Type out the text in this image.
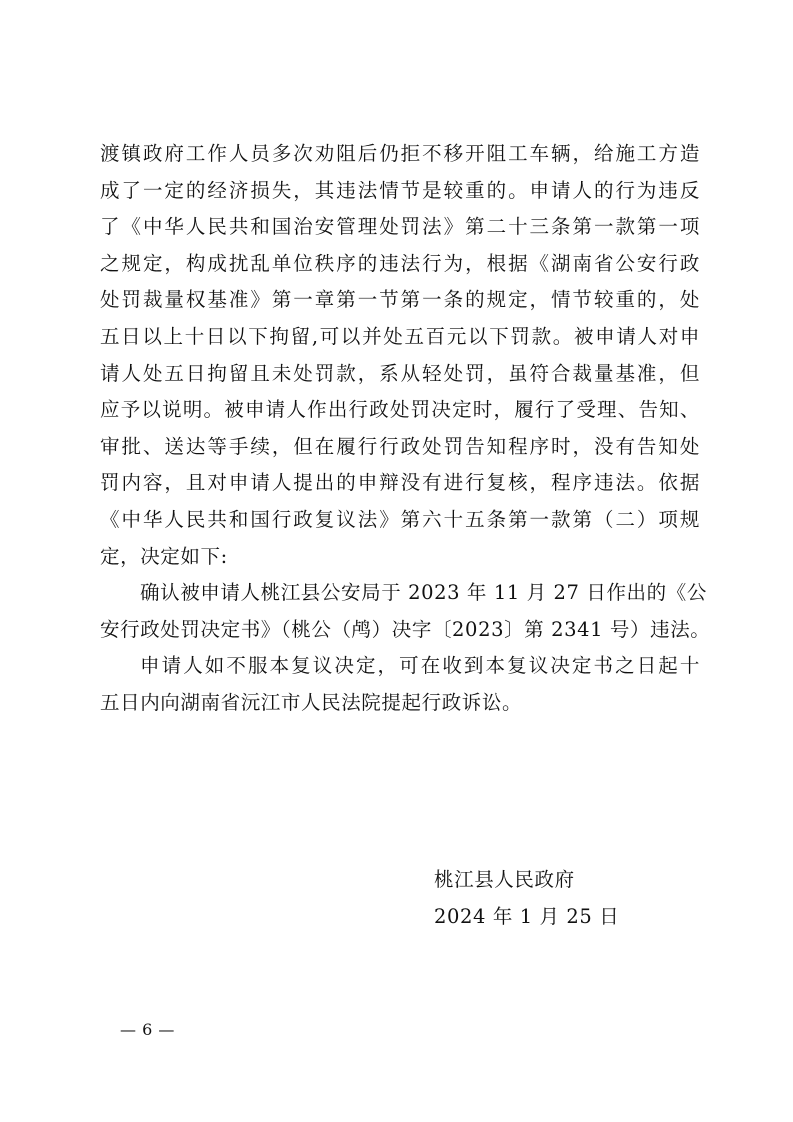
渡镇政府工作人员多次劝阻后仍拒不移开阻工车辆，给施工方造
成了一定的经济损失，其违法情节是较重的。申请人的行为违反
了《中华人民共和国治安管理处罚法》第二十三条第一款第一项
之规定，构成扰乱单位秩序的违法行为，根据《湖南省公安行政
处罚裁量权基准》第一章第一节第一条的规定，情节较重的，处
五日以上十日以下拘留,可以并处五百元以下罚款。被申请人对申
请人处五日拘留且未处罚款，系从轻处罚，虽符合裁量基准，但
应予以说明。被申请人作出行政处罚决定时，履行了受理、告知、
审批、送达等手续，但在履行行政处罚告知程序时，没有告知处
罚内容，且对申请人提出的申辩没有进行复核，程序违法。依据
《中华人民共和国行政复议法》第六十五条第一款第（二）项规
定，决定如下:
确认被申请人桃江县公安局于 2023 年 11 月 27 日作出的《公
安行政处罚决定书》（桃公（鸬）决字〔2023〕第 2341 号）违法。
申请人如不服本复议决定，可在收到本复议决定书之日起十
五日内向湖南省沅江市人民法院提起行政诉讼。
桃江县人民政府
2024 年 1 月 25 日
— 6 —
